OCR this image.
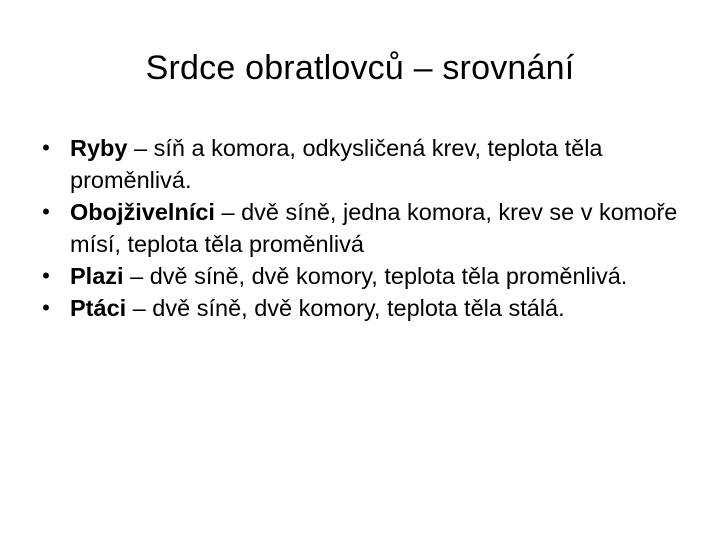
Srdce obratlovců – srovnání
• Ryby – síň a komora, odkysličená krev, teplota těla proměnlivá.
• Obojživelníci – dvě síně, jedna komora, krev se v komoře mísí, teplota těla proměnlivá
• Plazi – dvě síně, dvě komory, teplota těla proměnlivá.
• Ptáci – dvě síně, dvě komory, teplota těla stálá.
